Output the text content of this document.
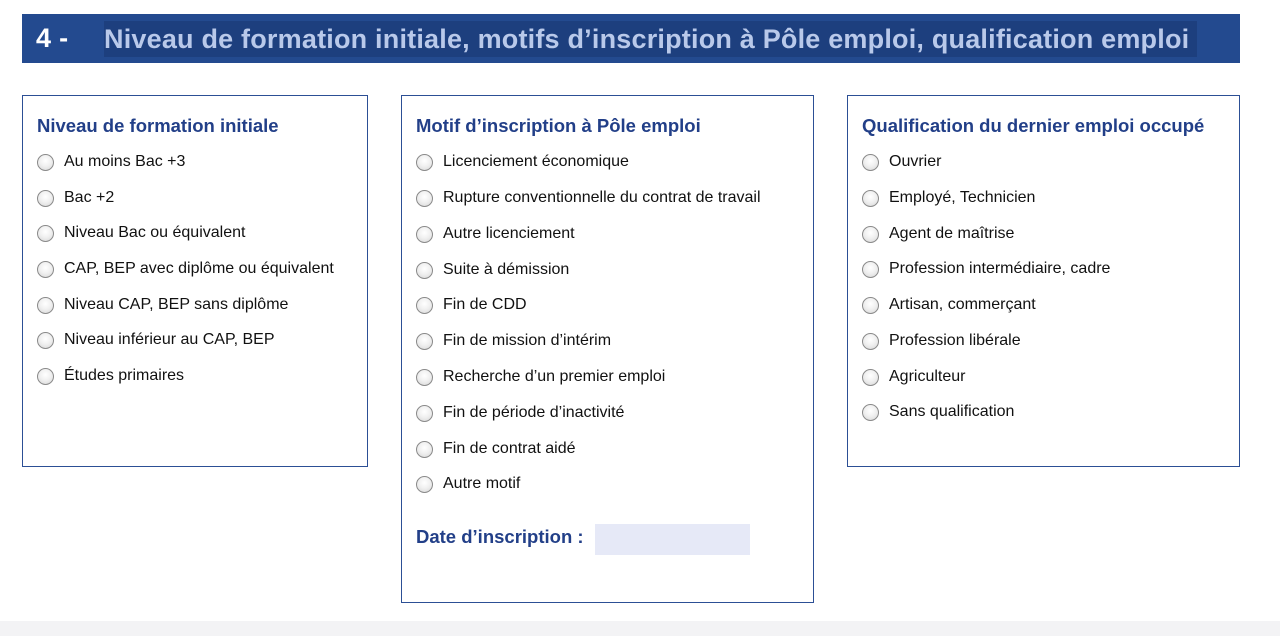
4 - Niveau de formation initiale, motifs d’inscription à Pôle emploi, qualification emploi
Niveau de formation initiale
Au moins Bac +3
Bac +2
Niveau Bac ou équivalent
CAP, BEP avec diplôme ou équivalent
Niveau CAP, BEP sans diplôme
Niveau inférieur au CAP, BEP
Études primaires
Motif d’inscription à Pôle emploi
Licenciement économique
Rupture conventionnelle du contrat de travail
Autre licenciement
Suite à démission
Fin de CDD
Fin de mission d’intérim
Recherche d’un premier emploi
Fin de période d’inactivité
Fin de contrat aidé
Autre motif
Date d’inscription :
Qualification du dernier emploi occupé
Ouvrier
Employé, Technicien
Agent de maîtrise
Profession intermédiaire, cadre
Artisan, commerçant
Profession libérale
Agriculteur
Sans qualification
